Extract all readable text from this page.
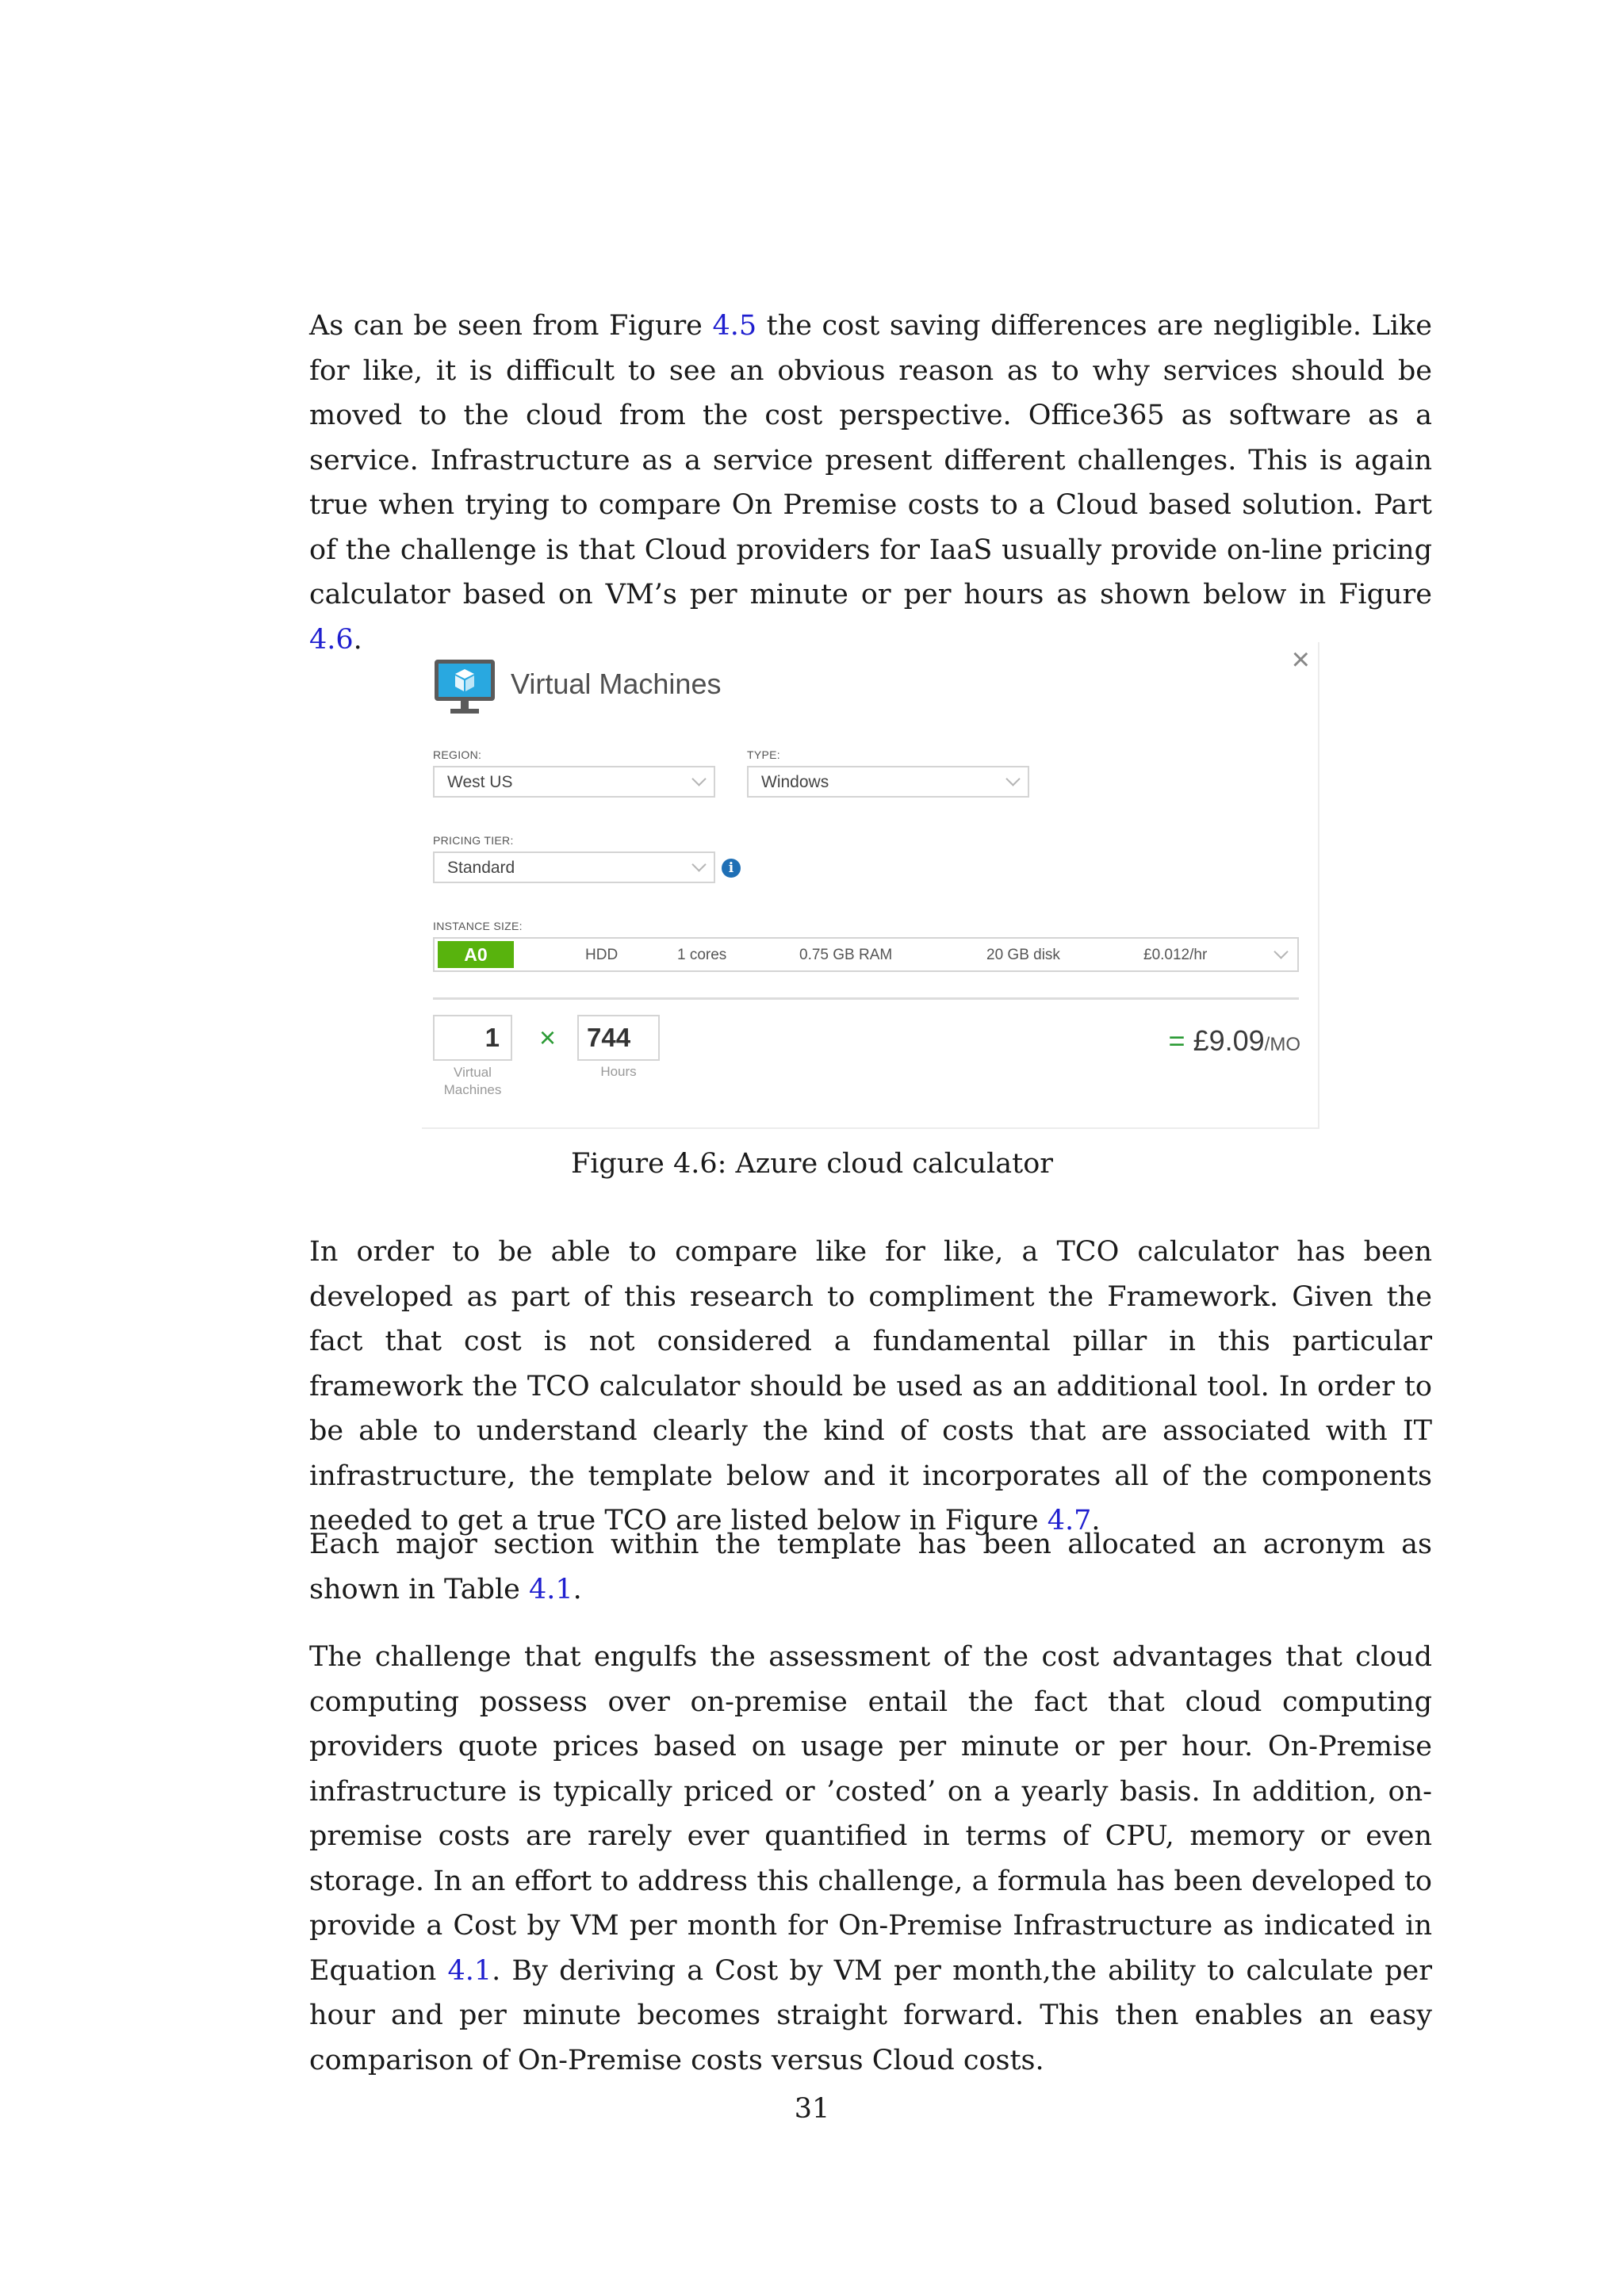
As can be seen from Figure 4.5 the cost saving differences are negligible. Like for like, it is difficult to see an obvious reason as to why services should be moved to the cloud from the cost perspective. Office365 as software as a service. Infrastructure as a service present different challenges. This is again true when trying to compare On Premise costs to a Cloud based solution. Part of the challenge is that Cloud providers for IaaS usually provide on-line pricing calculator based on VM’s per minute or per hours as shown below in Figure 4.6.

×
Virtual Machines
REGION:
West US
TYPE:
Windows
PRICING TIER:
Standard	i
INSTANCE SIZE:
A0	HDD	1 cores	0.75 GB RAM	20 GB disk	£0.012/hr
1
Virtual Machines
×	744
Hours
= £9.09/MO
Figure 4.6: Azure cloud calculator

In order to be able to compare like for like, a TCO calculator has been developed as part of this research to compliment the Framework. Given the fact that cost is not considered a fundamental pillar in this particular framework the TCO calculator should be used as an additional tool. In order to be able to understand clearly the kind of costs that are associated with IT infrastructure, the template below and it incorporates all of the components needed to get a true TCO are listed below in Figure 4.7.

Each major section within the template has been allocated an acronym as shown in Table 4.1.

The challenge that engulfs the assessment of the cost advantages that cloud computing possess over on-premise entail the fact that cloud computing providers quote prices based on usage per minute or per hour. On-Premise infrastructure is typically priced or ’costed’ on a yearly basis. In addition, on-premise costs are rarely ever quantified in terms of CPU, memory or even storage. In an effort to address this challenge, a formula has been developed to provide a Cost by VM per month for On-Premise Infrastructure as indicated in Equation 4.1. By deriving a Cost by VM per month,the ability to calculate per hour and per minute becomes straight forward. This then enables an easy comparison of On-Premise costs versus Cloud costs.

31
